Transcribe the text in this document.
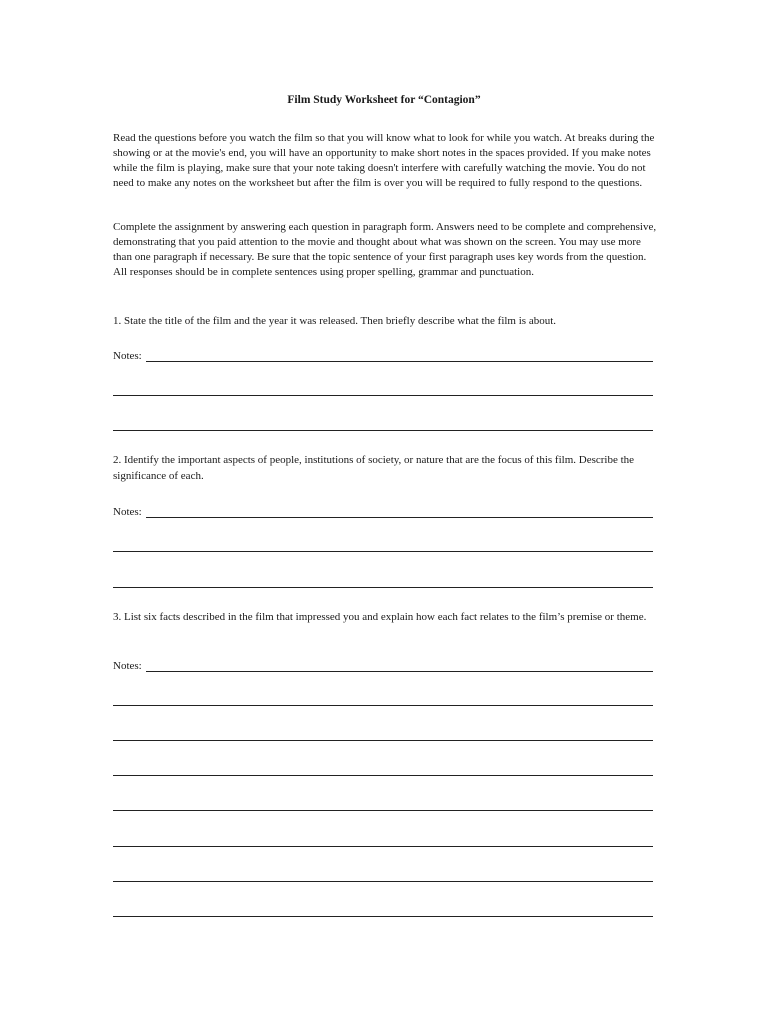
Film Study Worksheet for “Contagion”

Read the questions before you watch the film so that you will know what to look for while you watch. At breaks during the showing or at the movie's end, you will have an opportunity to make short notes in the spaces provided. If you make notes while the film is playing, make sure that your note taking doesn't interfere with carefully watching the movie. You do not need to make any notes on the worksheet but after the film is over you will be required to fully respond to the questions.

Complete the assignment by answering each question in paragraph form. Answers need to be complete and comprehensive, demonstrating that you paid attention to the movie and thought about what was shown on the screen. You may use more than one paragraph if necessary. Be sure that the topic sentence of your first paragraph uses key words from the question. All responses should be in complete sentences using proper spelling, grammar and punctuation.

1. State the title of the film and the year it was released. Then briefly describe what the film is about.

Notes:

2. Identify the important aspects of people, institutions of society, or nature that are the focus of this film. Describe the significance of each.

Notes:

3. List six facts described in the film that impressed you and explain how each fact relates to the film’s premise or theme.

Notes:
